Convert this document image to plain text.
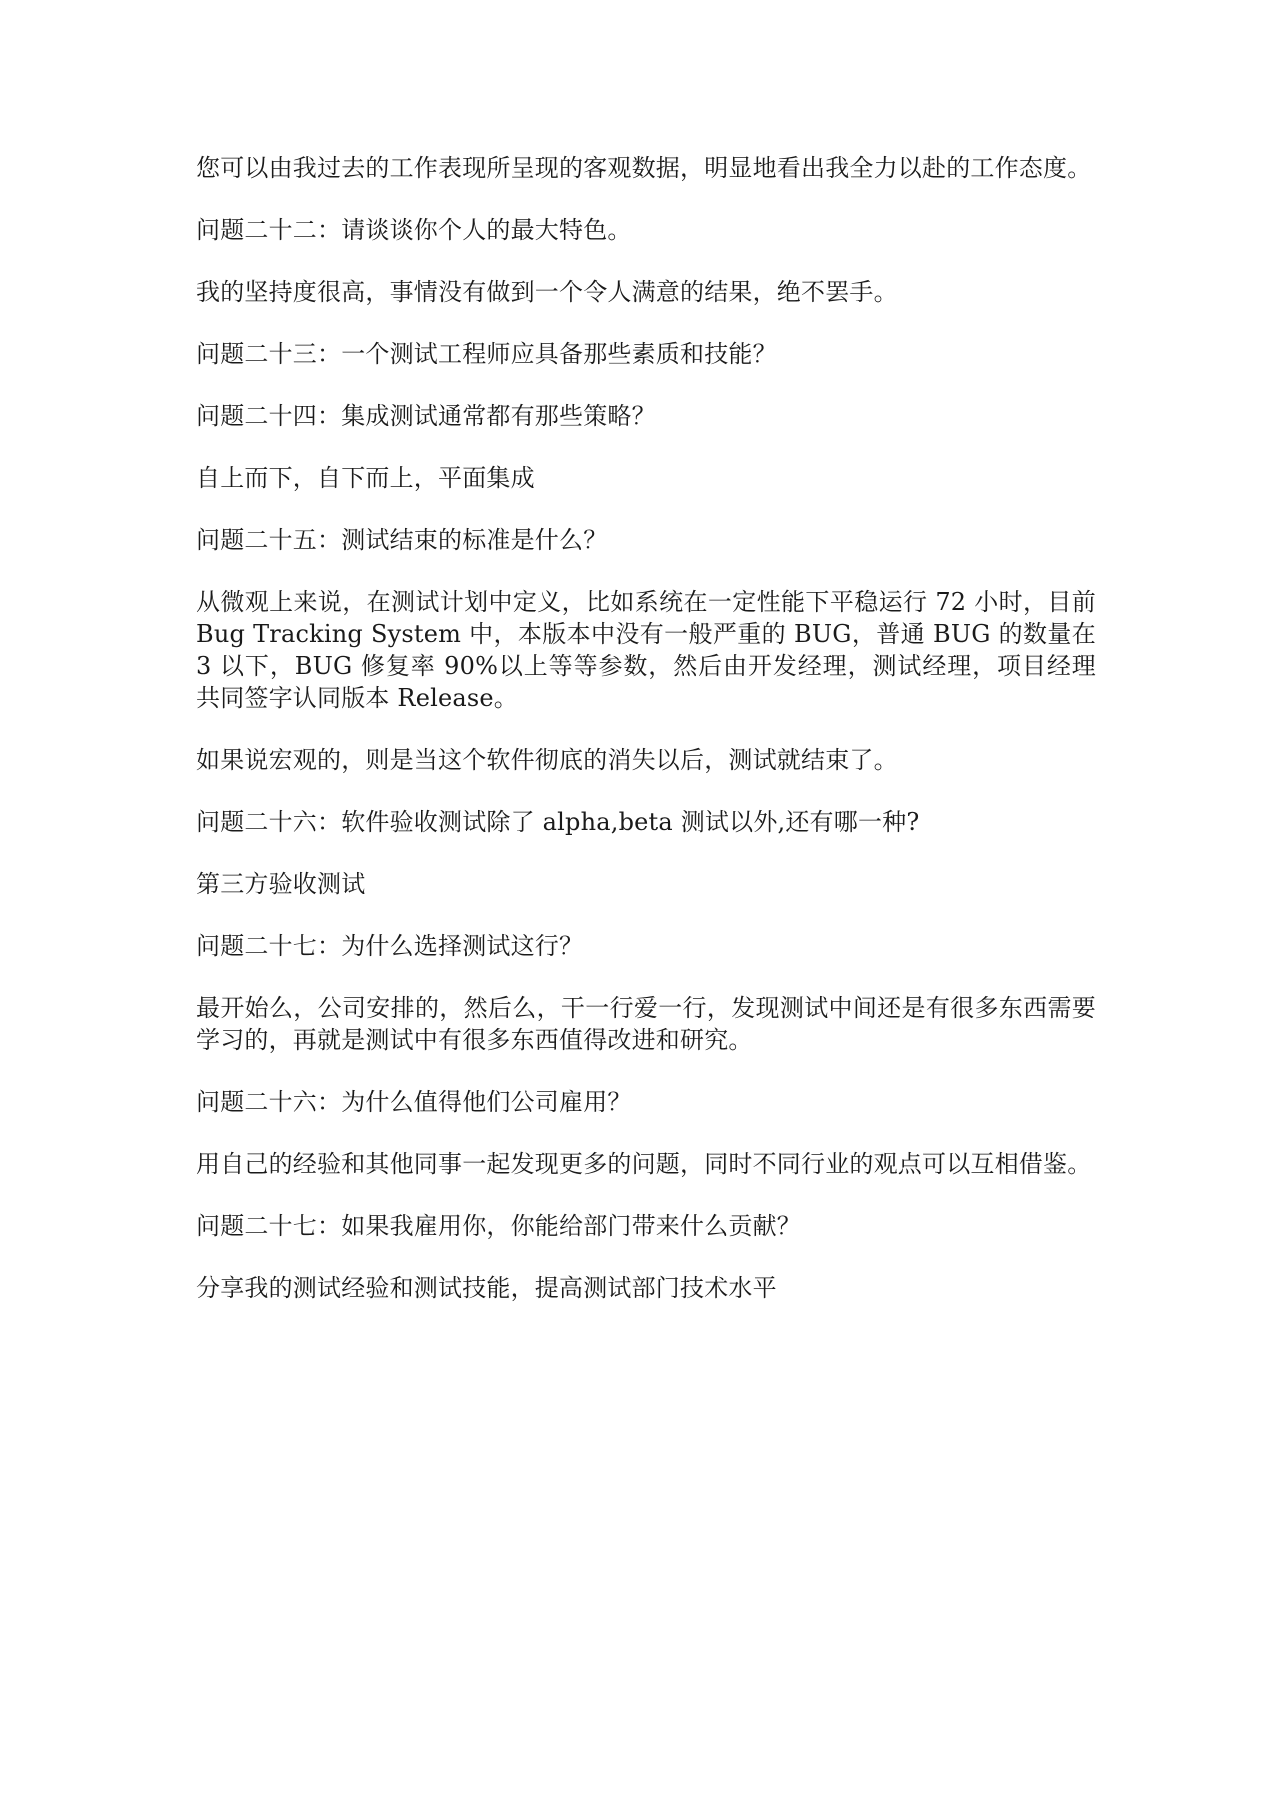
您可以由我过去的工作表现所呈现的客观数据，明显地看出我全力以赴的工作态度。

问题二十二：请谈谈你个人的最大特色。

我的坚持度很高，事情没有做到一个令人满意的结果，绝不罢手。

问题二十三：一个测试工程师应具备那些素质和技能？

问题二十四：集成测试通常都有那些策略？

自上而下，自下而上，平面集成

问题二十五：测试结束的标准是什么？

从微观上来说，在测试计划中定义，比如系统在一定性能下平稳运行 72 小时，目前 Bug Tracking System 中，本版本中没有一般严重的 BUG，普通 BUG 的数量在 3 以下，BUG 修复率 90%以上等等参数，然后由开发经理，测试经理，项目经理共同签字认同版本 Release。

如果说宏观的，则是当这个软件彻底的消失以后，测试就结束了。

问题二十六：软件验收测试除了 alpha,beta 测试以外,还有哪一种?

第三方验收测试

问题二十七：为什么选择测试这行？

最开始么，公司安排的，然后么，干一行爱一行，发现测试中间还是有很多东西需要学习的，再就是测试中有很多东西值得改进和研究。

问题二十六：为什么值得他们公司雇用？

用自己的经验和其他同事一起发现更多的问题，同时不同行业的观点可以互相借鉴。

问题二十七：如果我雇用你，你能给部门带来什么贡献？

分享我的测试经验和测试技能，提高测试部门技术水平
